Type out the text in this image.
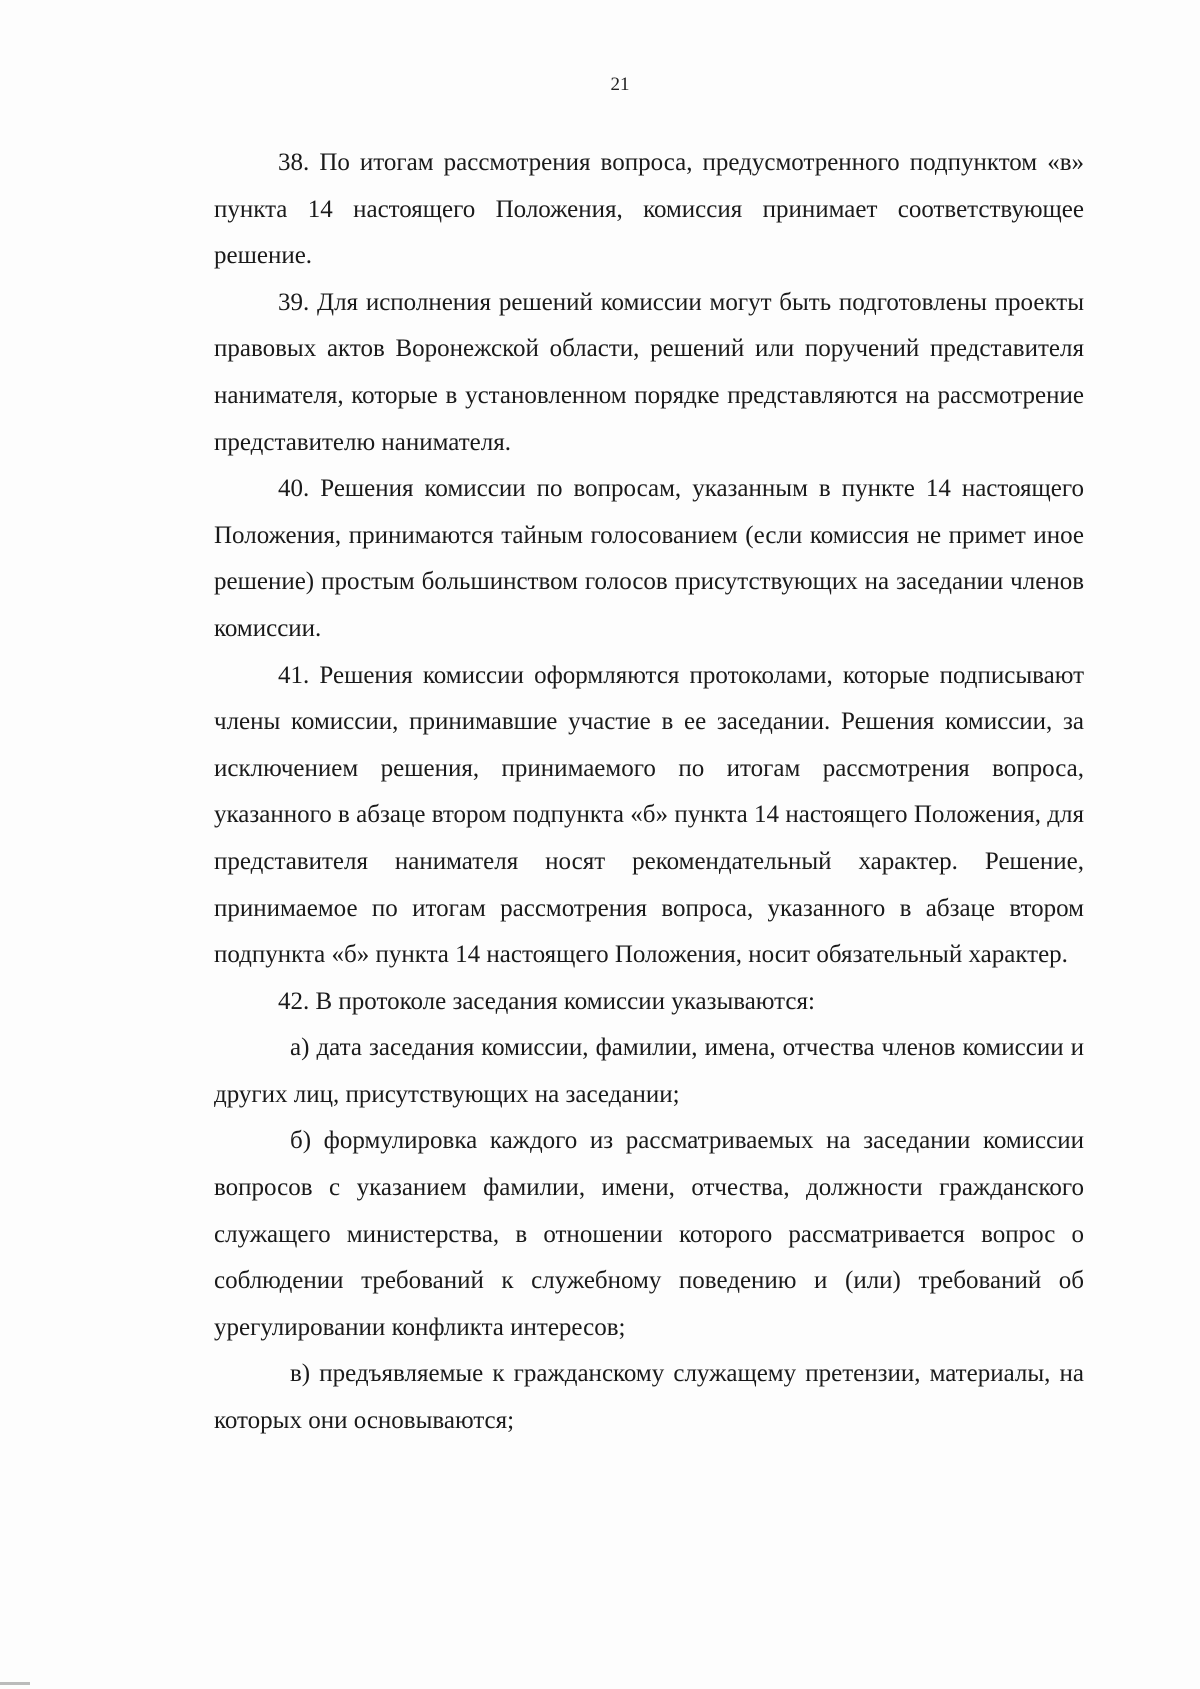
21

38. По итогам рассмотрения вопроса, предусмотренного подпунктом «в» пункта 14 настоящего Положения, комиссия принимает соответствующее решение.

39. Для исполнения решений комиссии могут быть подготовлены проекты правовых актов Воронежской области, решений или поручений представителя нанимателя, которые в установленном порядке представляются на рассмотрение представителю нанимателя.

40. Решения комиссии по вопросам, указанным в пункте 14 настоящего Положения, принимаются тайным голосованием (если комиссия не примет иное решение) простым большинством голосов присутствующих на заседании членов комиссии.

41. Решения комиссии оформляются протоколами, которые подписывают члены комиссии, принимавшие участие в ее заседании. Решения комиссии, за исключением решения, принимаемого по итогам рассмотрения вопроса, указанного в абзаце втором подпункта «б» пункта 14 настоящего Положения, для представителя нанимателя носят рекомендательный характер. Решение, принимаемое по итогам рассмотрения вопроса, указанного в абзаце втором подпункта «б» пункта 14 настоящего Положения, носит обязательный характер.

42. В протоколе заседания комиссии указываются:

а) дата заседания комиссии, фамилии, имена, отчества членов комиссии и других лиц, присутствующих на заседании;

б) формулировка каждого из рассматриваемых на заседании комиссии вопросов с указанием фамилии, имени, отчества, должности гражданского служащего министерства, в отношении которого рассматривается вопрос о соблюдении требований к служебному поведению и (или) требований об урегулировании конфликта интересов;

в) предъявляемые к гражданскому служащему претензии, материалы, на которых они основываются;
